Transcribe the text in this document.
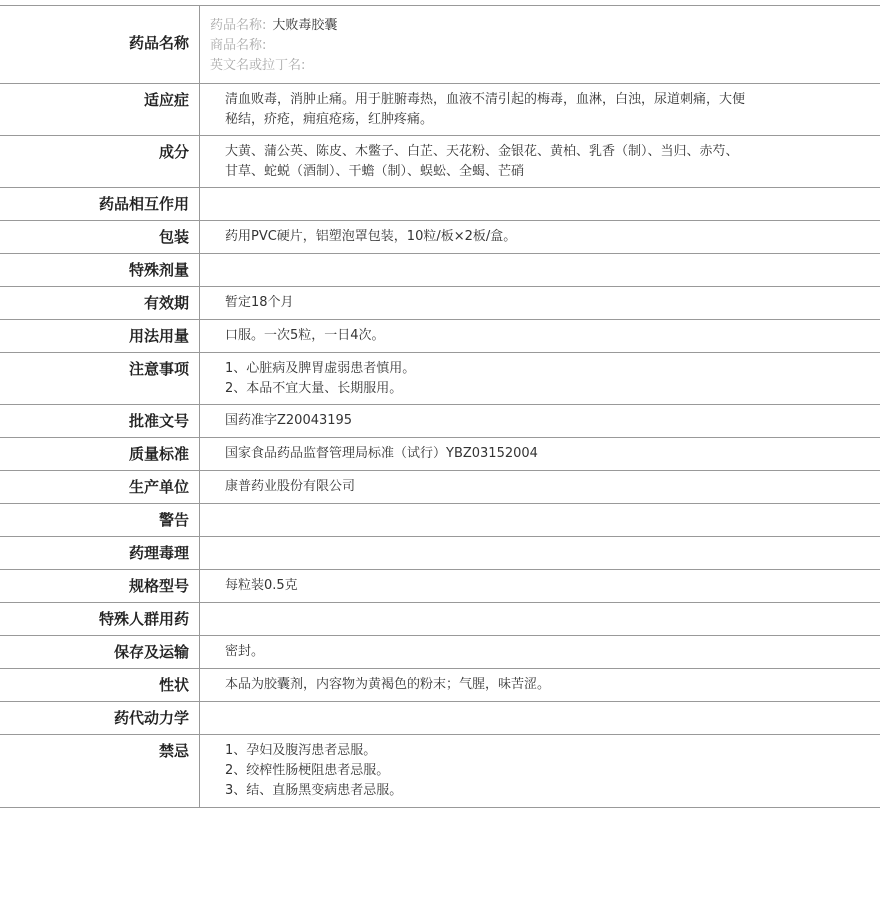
药品名称
药品名称: 大败毒胶囊
商品名称:
英文名或拉丁名:
适应症	清血败毒，消肿止痛。用于脏腑毒热，血液不清引起的梅毒，血淋，白浊，尿道刺痛，大便
秘结，疥疮，痈疽疮疡，红肿疼痛。
成分	大黄、蒲公英、陈皮、木鳖子、白芷、天花粉、金银花、黄柏、乳香（制）、当归、赤芍、
甘草、蛇蜕（酒制）、干蟾（制）、蜈蚣、全蝎、芒硝
药品相互作用
包装	药用PVC硬片，铝塑泡罩包装，10粒/板×2板/盒。
特殊剂量
有效期	暂定18个月
用法用量	口服。一次5粒，一日4次。
注意事项	1、心脏病及脾胃虚弱患者慎用。
2、本品不宜大量、长期服用。
批准文号	国药准字Z20043195
质量标准	国家食品药品监督管理局标准（试行）YBZ03152004
生产单位	康普药业股份有限公司
警告
药理毒理
规格型号	每粒装0.5克
特殊人群用药
保存及运输	密封。
性状	本品为胶囊剂，内容物为黄褐色的粉末；气腥，味苦涩。
药代动力学
禁忌	1、孕妇及腹泻患者忌服。
2、绞榨性肠梗阻患者忌服。
3、结、直肠黑变病患者忌服。
